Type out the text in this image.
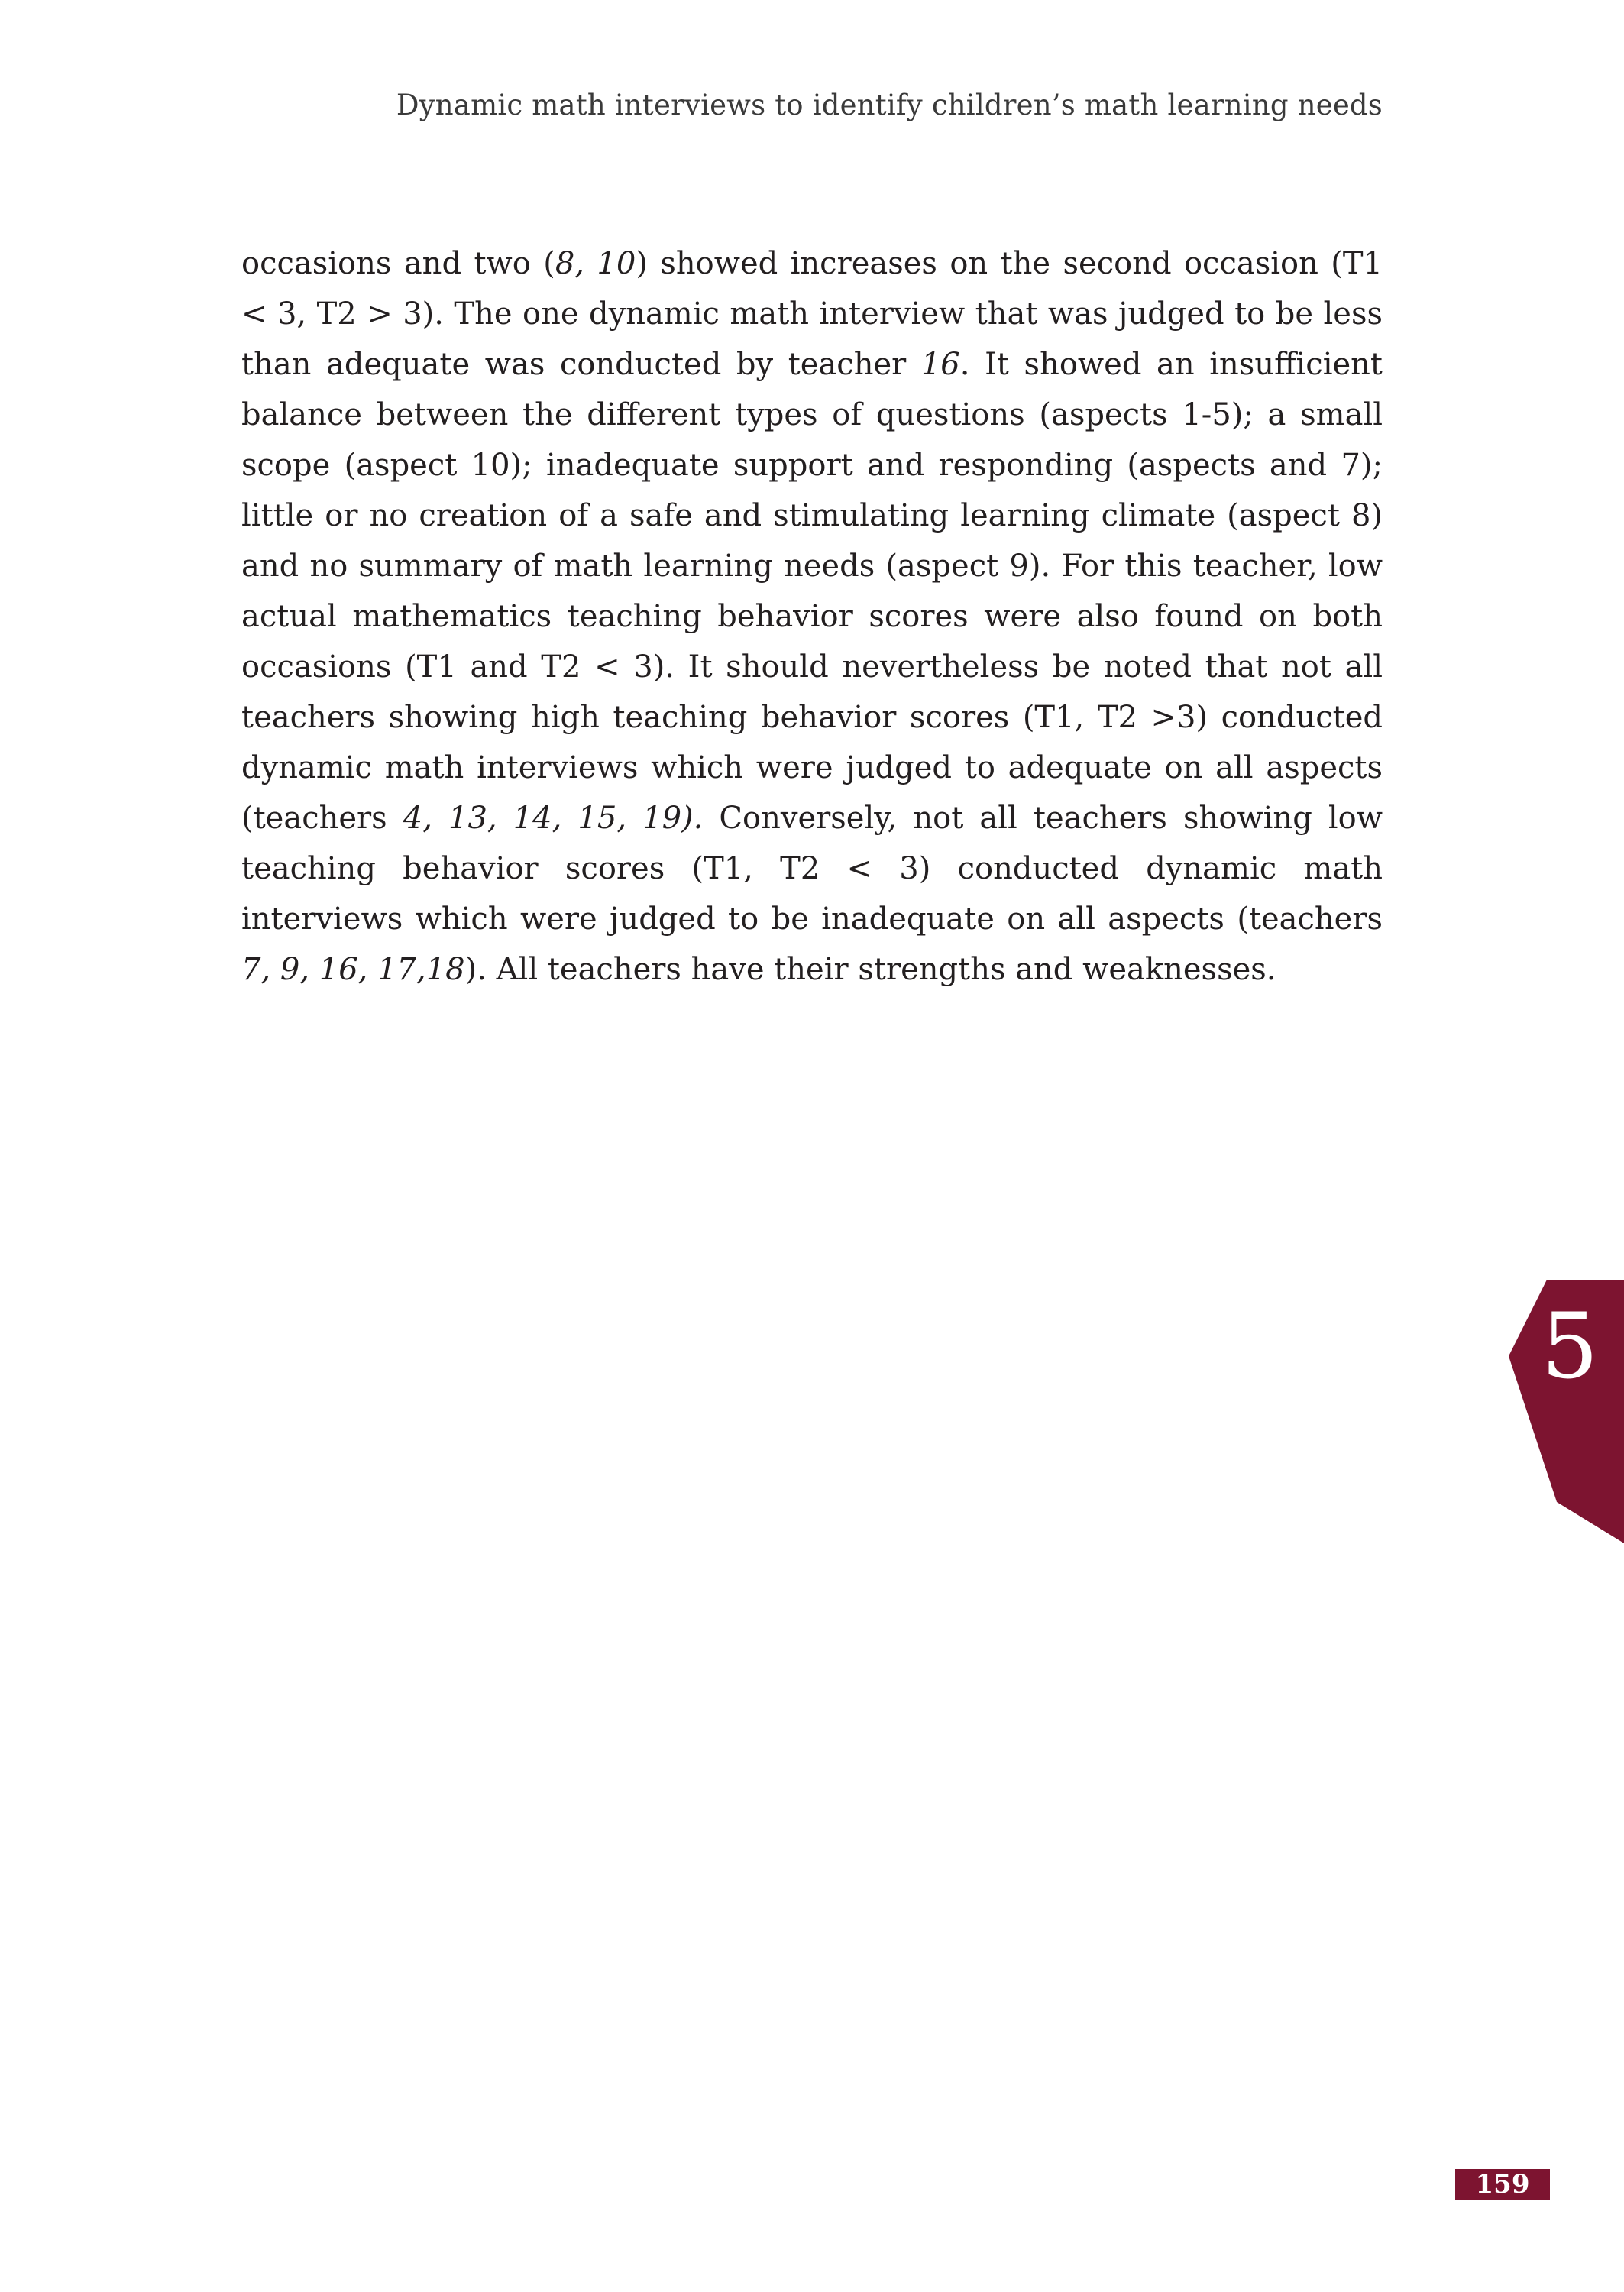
Dynamic math interviews to identify children’s math learning needs

occasions and two (8, 10) showed increases on the second occasion (T1 < 3, T2 > 3). The one dynamic math interview that was judged to be less than adequate was conducted by teacher 16. It showed an insufficient balance between the different types of questions (aspects 1-5); a small scope (aspect 10); inadequate support and responding (aspects and 7); little or no creation of a safe and stimulating learning climate (aspect 8) and no summary of math learning needs (aspect 9). For this teacher, low actual mathematics teaching behavior scores were also found on both occasions (T1 and T2 < 3). It should nevertheless be noted that not all teachers showing high teaching behavior scores (T1, T2 >3) conducted dynamic math interviews which were judged to adequate on all aspects (teachers 4, 13, 14, 15, 19). Conversely, not all teachers showing low teaching behavior scores (T1, T2 < 3) conducted dynamic math interviews which were judged to be inadequate on all aspects (teachers 7, 9, 16, 17,18). All teachers have their strengths and weaknesses.

5
159
